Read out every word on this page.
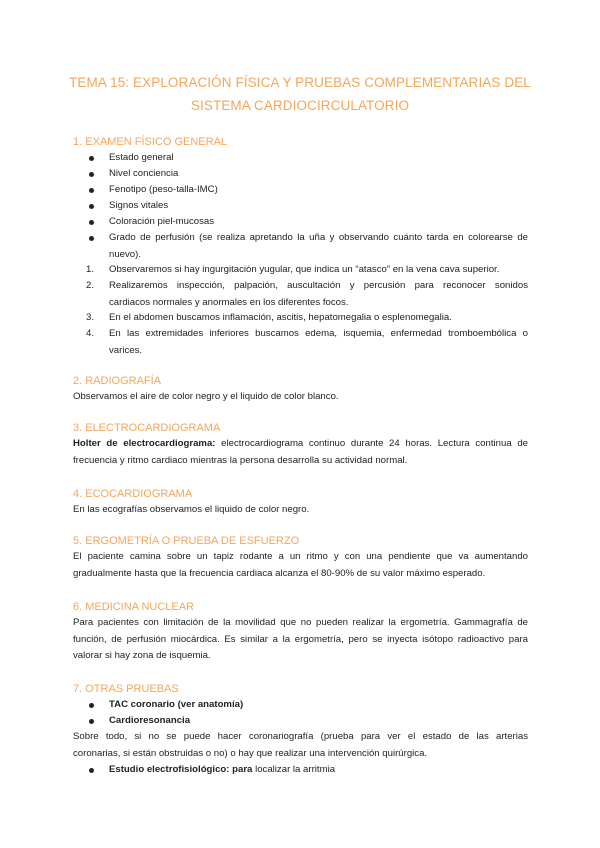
TEMA 15: EXPLORACIÓN FÍSICA Y PRUEBAS COMPLEMENTARIAS DEL
SISTEMA CARDIOCIRCULATORIO
1. EXAMEN FÍSICO GENERAL
Estado general
Nivel conciencia
Fenotipo (peso-talla-IMC)
Signos vitales
Coloración piel-mucosas
Grado de perfusión (se realiza apretando la uña y observando cuánto tarda en colorearse de
nuevo).
1.	Observaremos si hay ingurgitación yugular, que indica un “atasco” en la vena cava superior.
2.	Realizaremos inspección, palpación, auscultación y percusión para reconocer sonidos
cardiacos normales y anormales en los diferentes focos.
3.	En el abdomen buscamos inflamación, ascitis, hepatomegalia o esplenomegalia.
4.	En las extremidades inferiores buscamos edema, isquemia, enfermedad tromboembólica o
varices.
2. RADIOGRAFÍA
Observamos el aire de color negro y el liquido de color blanco.
3. ELECTROCARDIOGRAMA
Holter de electrocardiograma: electrocardiograma continuo durante 24 horas. Lectura continua de
frecuencia y ritmo cardiaco mientras la persona desarrolla su actividad normal.
4. ECOCARDIOGRAMA
En las ecografías observamos el liquido de color negro.
5. ERGOMETRÍA O PRUEBA DE ESFUERZO
El paciente camina sobre un tapiz rodante a un ritmo y con una pendiente que va aumentando
gradualmente hasta que la frecuencia cardiaca alcanza el 80-90% de su valor máximo esperado.
6. MEDICINA NUCLEAR
Para pacientes con limitación de la movilidad que no pueden realizar la ergometría. Gammagrafía de
función, de perfusión miocárdica. Es similar a la ergometría, pero se inyecta isótopo radioactivo para
valorar si hay zona de isquemia.
7. OTRAS PRUEBAS
TAC coronario (ver anatomía)
Cardioresonancia
Sobre todo, si no se puede hacer coronariografía (prueba para ver el estado de las arterias
coronarias, si están obstruidas o no) o hay que realizar una intervención quirúrgica.
Estudio electrofisiológico: para localizar la arritmia
